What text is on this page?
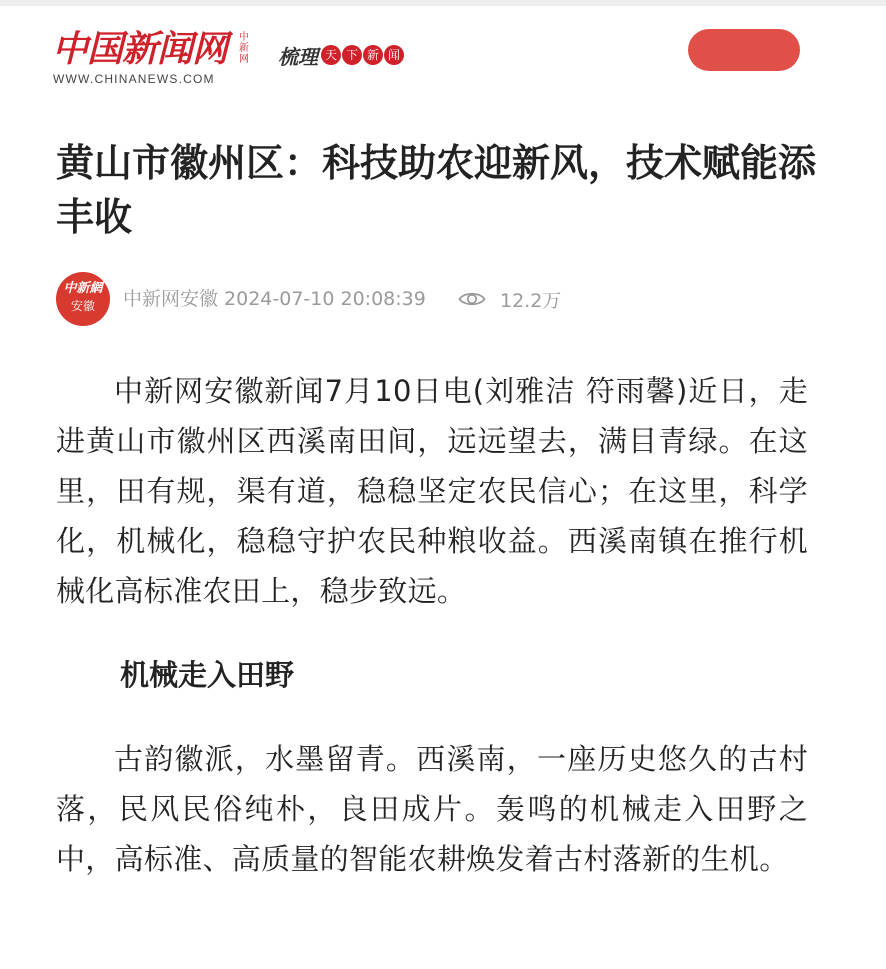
中国新闻网	中新网
WWW.CHINANEWS.COM
梳理 天 下 新 闻
黄山市徽州区：科技助农迎新风，技术赋能添丰收
中新網
安徽	中新网安徽 2024-07-10 20:08:39	12.2万

中新网安徽新闻7月10日电(刘雅洁 符雨馨)近日，走进黄山市徽州区西溪南田间，远远望去，满目青绿。在这里，田有规，渠有道，稳稳坚定农民信心；在这里，科学化，机械化，稳稳守护农民种粮收益。西溪南镇在推行机械化高标准农田上，稳步致远。

机械走入田野

古韵徽派，水墨留青。西溪南，一座历史悠久的古村落，民风民俗纯朴，良田成片。轰鸣的机械走入田野之中，高标准、高质量的智能农耕焕发着古村落新的生机。
